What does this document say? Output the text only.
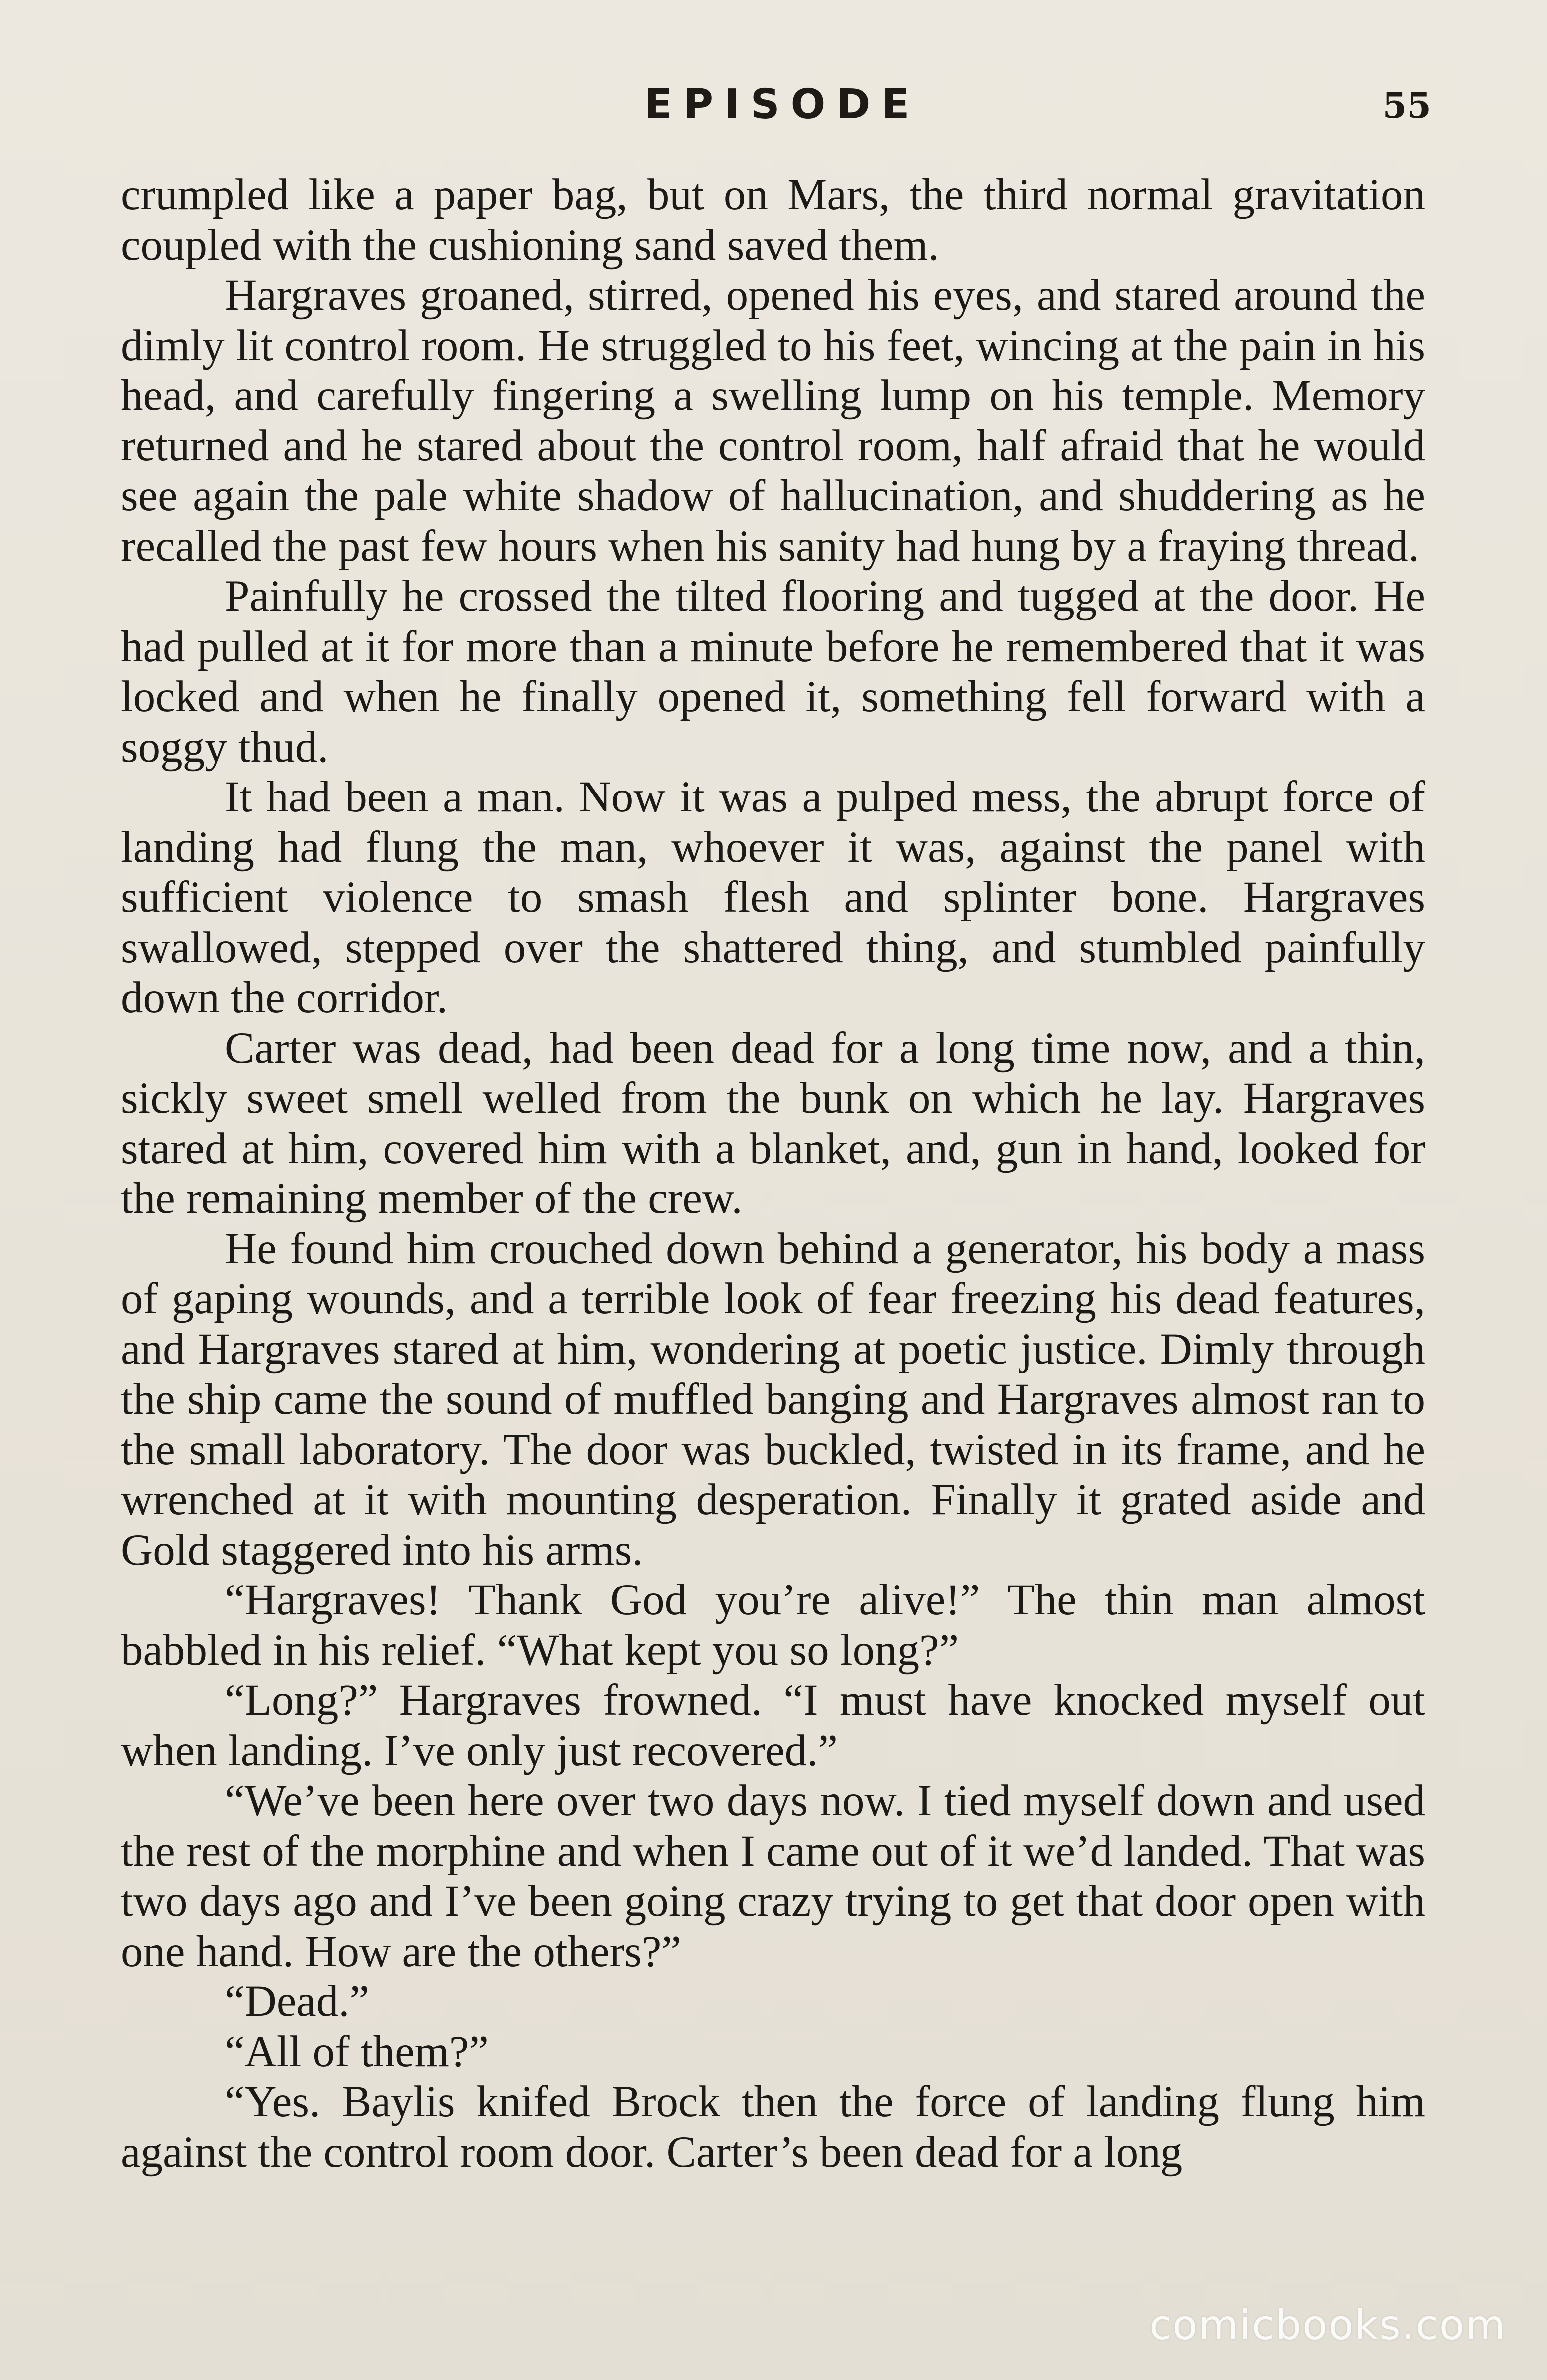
EPISODE	55

crumpled like a paper bag, but on Mars, the third normal gravitation coupled with the cushioning sand saved them.

Hargraves groaned, stirred, opened his eyes, and stared around the dimly lit control room. He struggled to his feet, wincing at the pain in his head, and carefully fingering a swelling lump on his temple. Memory returned and he stared about the control room, half afraid that he would see again the pale white shadow of hallucination, and shuddering as he recalled the past few hours when his sanity had hung by a fraying thread.

Painfully he crossed the tilted flooring and tugged at the door. He had pulled at it for more than a minute before he remembered that it was locked and when he finally opened it, something fell forward with a soggy thud.

It had been a man. Now it was a pulped mess, the abrupt force of landing had flung the man, whoever it was, against the panel with sufficient violence to smash flesh and splinter bone. Hargraves swallowed, stepped over the shattered thing, and stumbled painfully down the corridor.

Carter was dead, had been dead for a long time now, and a thin, sickly sweet smell welled from the bunk on which he lay. Hargraves stared at him, covered him with a blanket, and, gun in hand, looked for the remaining member of the crew.

He found him crouched down behind a generator, his body a mass of gaping wounds, and a terrible look of fear freezing his dead features, and Hargraves stared at him, wondering at poetic justice. Dimly through the ship came the sound of muffled banging and Hargraves almost ran to the small laboratory. The door was buckled, twisted in its frame, and he wrenched at it with mounting desperation. Finally it grated aside and Gold staggered into his arms.

“Hargraves! Thank God you’re alive!” The thin man almost babbled in his relief. “What kept you so long?”

“Long?” Hargraves frowned. “I must have knocked myself out when landing. I’ve only just recovered.”

“We’ve been here over two days now. I tied myself down and used the rest of the morphine and when I came out of it we’d landed. That was two days ago and I’ve been going crazy trying to get that door open with one hand. How are the others?”

“Dead.”

“All of them?”

“Yes. Baylis knifed Brock then the force of landing flung him against the control room door. Carter’s been dead for a long

comicbooks.com
